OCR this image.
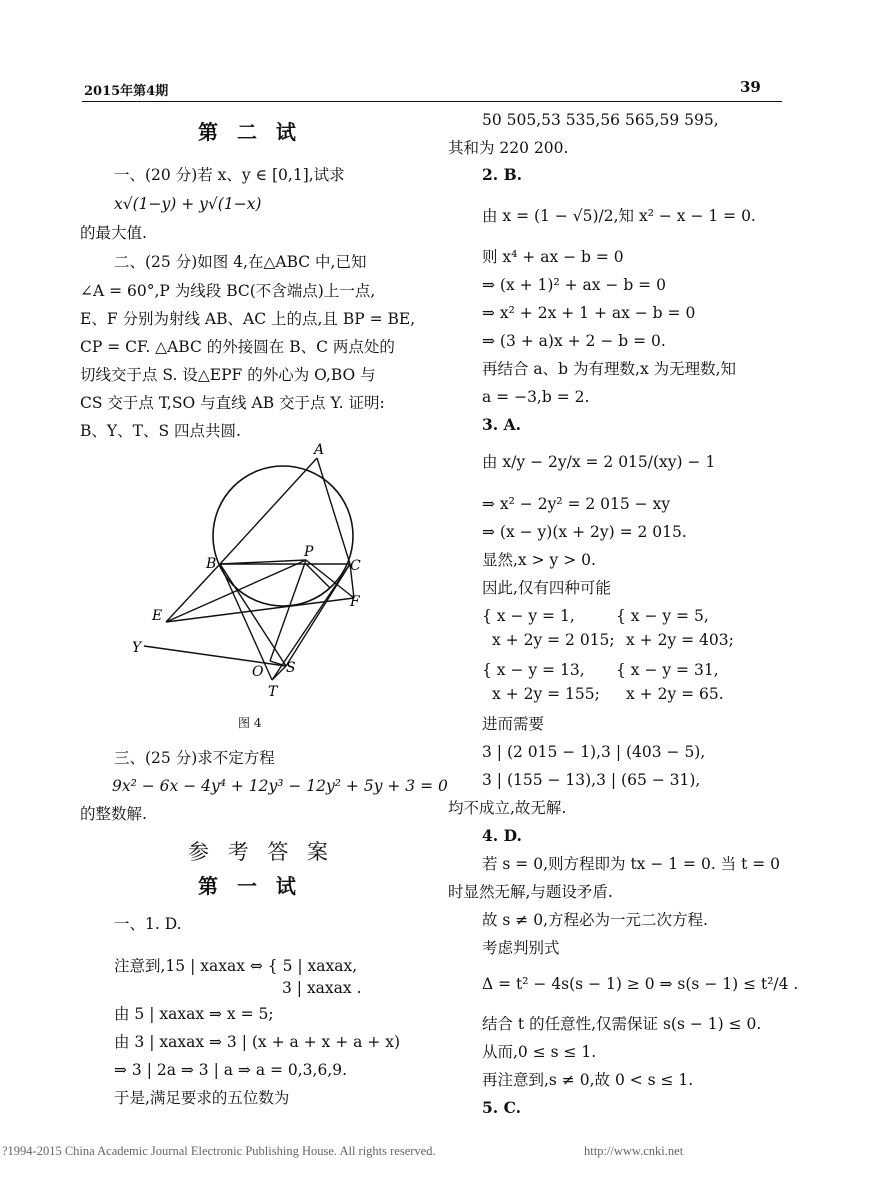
2015年第4期	39
第 二 试
一、(20 分)若 x、y ∈ [0,1],试求
x√(1−y) + y√(1−x)
的最大值.
二、(25 分)如图 4,在△ABC 中,已知
∠A = 60°,P 为线段 BC(不含端点)上一点,
E、F 分别为射线 AB、AC 上的点,且 BP = BE,
CP = CF. △ABC 的外接圆在 B、C 两点处的
切线交于点 S. 设△EPF 的外心为 O,BO 与
CS 交于点 T,SO 与直线 AB 交于点 Y. 证明:
B、Y、T、S 四点共圆.
A
B
P
C
E
F
Y
O S
T
图 4
三、(25 分)求不定方程
9x² − 6x − 4y⁴ + 12y³ − 12y² + 5y + 3 = 0
的整数解.
参 考 答 案
第 一 试
一、1. D.
注意到,15 | xaxax ⇔ { 5 | xaxax,
3 | xaxax .
由 5 | xaxax ⇒ x = 5;
由 3 | xaxax ⇒ 3 | (x + a + x + a + x)
⇒ 3 | 2a ⇒ 3 | a ⇒ a = 0,3,6,9.
于是,满足要求的五位数为
50 505,53 535,56 565,59 595,
其和为 220 200.
2. B.
由 x = (1 − √5)/2,知 x² − x − 1 = 0.
则 x⁴ + ax − b = 0
⇒ (x + 1)² + ax − b = 0
⇒ x² + 2x + 1 + ax − b = 0
⇒ (3 + a)x + 2 − b = 0.
再结合 a、b 为有理数,x 为无理数,知
a = −3,b = 2.
3. A.
由 x/y − 2y/x = 2 015/(xy) − 1
⇒ x² − 2y² = 2 015 − xy
⇒ (x − y)(x + 2y) = 2 015.
显然,x > y > 0.
因此,仅有四种可能
{ x − y = 1,
x + 2y = 2 015;
{ x − y = 5,
x + 2y = 403;
{ x − y = 13,
x + 2y = 155;
{ x − y = 31,
x + 2y = 65.
进而需要
3 | (2 015 − 1),3 | (403 − 5),
3 | (155 − 13),3 | (65 − 31),
均不成立,故无解.
4. D.
若 s = 0,则方程即为 tx − 1 = 0. 当 t = 0
时显然无解,与题设矛盾.
故 s ≠ 0,方程必为一元二次方程.
考虑判别式
Δ = t² − 4s(s − 1) ≥ 0 ⇒ s(s − 1) ≤ t²/4 .
结合 t 的任意性,仅需保证 s(s − 1) ≤ 0.
从而,0 ≤ s ≤ 1.
再注意到,s ≠ 0,故 0 < s ≤ 1.
5. C.
?1994-2015 China Academic Journal Electronic Publishing House. All rights reserved.	http://www.cnki.net
